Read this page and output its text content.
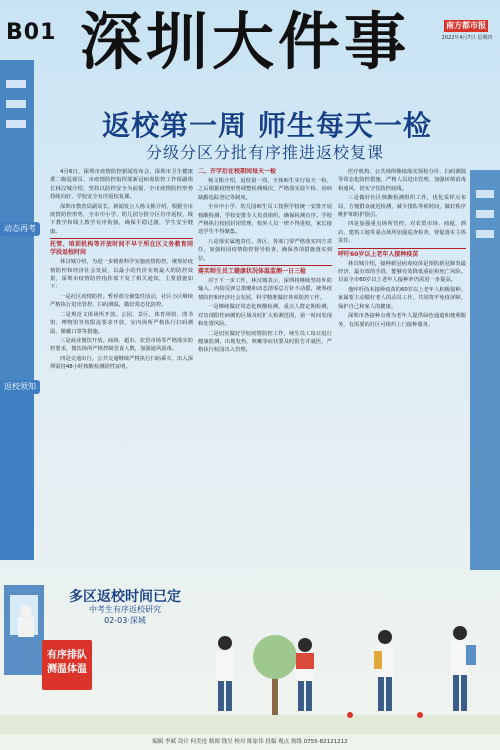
B01 深圳大件事	南方都市报
2022年4月7日 星期四
动态再考
返校须知
返校第一周 师生每天一检
分级分区分批有序推进返校复课

4月6日，深圳市疫情防控新闻发布会，深圳市卫生健康委二级巡视员、市疫情防控指挥部新冠病毒防控工作组副组长林汉城介绍，坚持以防控安全为前提，全市疫情防控形势持续向好，学校安全有序返校复课。

深圳市教育局副局长、新闻发言人杨文彬介绍，根据全市疫情防控形势，全市中小学、幼儿园分批分区有序返校，线下教学和线上教学有序衔接，确保平稳过渡，学生安全健康。

托管、培训机构等开放时间不早于所在区义务教育同学段返校时间

林汉城介绍，为进一步精准科学实施疫情防控，统筹好疫情防控和经济社会发展，以最小的代价实现最大的防控效果，深圳市疫情防控指挥部下发了相关通知，主要措施如下：

一是社区疫情防控。暂停部分聚集性活动，社区小区继续严格执行进出管控、扫码测温，做好常态化防控。

二是规范文体场所开放。公园、景区、体育场馆、图书馆、博物馆等按限流要求开放，室内场所严格执行扫码测温、佩戴口罩等措施。

三是商业餐饮开放。商场、超市、农贸市场等严格落实防控要求，餐饮场所严格控制堂食人数，加强通风消毒。

四是交通出行。公共交通继续严格执行扫码乘车，出入深圳需持48小时核酸检测阴性证明。

二、开学后在校期间每天一检

杨文彬介绍，返校第一周，全体师生实行每天一检，之后根据疫情形势调整检测频次，严格落实晨午检、因病缺勤追踪登记等制度。

全市中小学、幼儿园师生员工按照学校统一安排开展核酸检测，学校安排专人负责组织，确保检测有序。学校严格执行校园封闭管理，校外人员一律不得进校，家长接送学生不得聚集。

八是落实属地责任。各区、各部门要严格落实四方责任，加强校园疫情防控督导检查，确保各项措施落实到位。

落实师生员工健康状况体温监测一日三检

对于下一步工作，林汉城表示，深圳将继续坚持外防输入、内防反弹总策略和动态清零总方针不动摇，统筹疫情防控和经济社会发展，科学精准做好各项防控工作。

一是继续做好常态化核酸检测，重点人群定期检测，对出现阳性病例的区域及时扩大检测范围，第一时间发现和处置风险。

二是切实做好学校疫情防控工作，师生员工每日进行健康监测，出现发热、咳嗽等症状要及时报告并就医，严格执行校园出入管理。

医疗机构、公共场所继续落实预检分诊、扫码测温等常态化防控措施，严格人员进出管理，加强环境消毒和通风，切实守住防控底线。

三是做好社区核酸检测组织工作，优化采样点布局，方便群众就近检测，减少排队等候时间，做好秩序维护和防护指引。

四是加强重点场所管控，对农贸市场、商超、酒店、建筑工地等重点场所加强巡查检查，督促落实主体责任。

呼吁60岁以上老年人接种疫苗

林汉城介绍，接种新冠病毒疫苗是预防新冠肺炎最经济、最有效的手段，能够有效降低重症和死亡风险。目前全市60岁以上老年人接种率仍需进一步提高。

他呼吁尚未接种疫苗的60岁以上老年人积极接种，家属要主动做好老人的动员工作，共同筑牢免疫屏障，保护自己和家人的健康。

深圳市各接种点将为老年人提供绿色通道和便利服务，有需要的社区可组织上门接种服务。

多区返校时间已定
中考生有序返校研究
02-03·深城
有序排队
测温体温
编辑 李斌 设计 何美连 制图 钱昱 校对 陈家伟 投稿 观点 热线 0755-82121212
